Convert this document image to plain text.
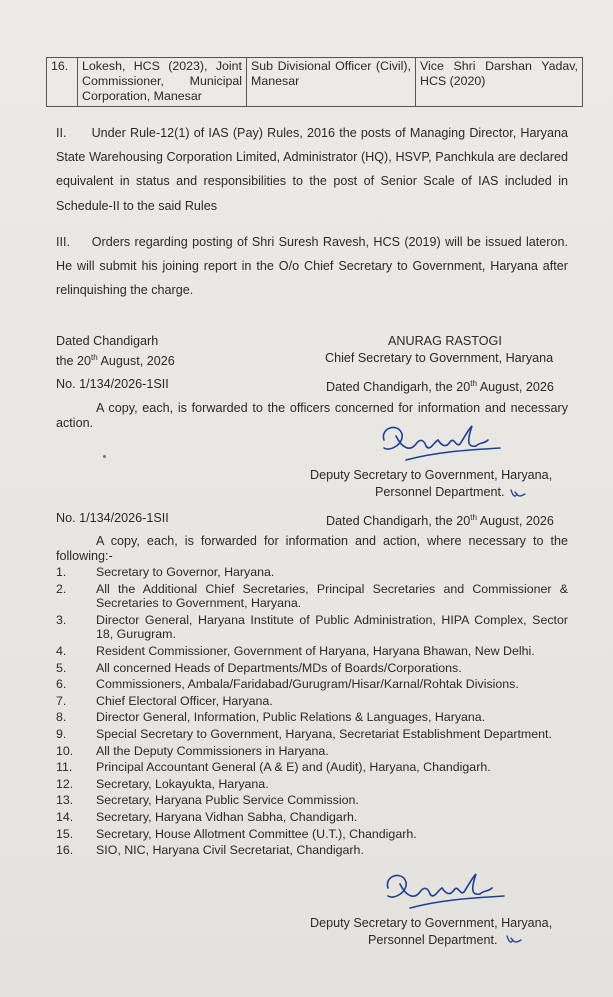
16.	Lokesh, HCS (2023), Joint Commissioner, Municipal Corporation, Manesar	Sub Divisional Officer (Civil), Manesar	Vice Shri Darshan Yadav, HCS (2020)
II. Under Rule-12(1) of IAS (Pay) Rules, 2016 the posts of Managing Director, Haryana State Warehousing Corporation Limited, Administrator (HQ), HSVP, Panchkula are declared equivalent in status and responsibilities to the post of Senior Scale of IAS included in Schedule-II to the said Rules
III. Orders regarding posting of Shri Suresh Ravesh, HCS (2019) will be issued lateron. He will submit his joining report in the O/o Chief Secretary to Government, Haryana after relinquishing the charge.
Dated Chandigarh
the 20th August, 2026
ANURAG RASTOGI
Chief Secretary to Government, Haryana
No. 1/134/2026-1SII	Dated Chandigarh, the 20th August, 2026
A copy, each, is forwarded to the officers concerned for information and necessary action.
Deputy Secretary to Government, Haryana,
Personnel Department.
No. 1/134/2026-1SII	Dated Chandigarh, the 20th August, 2026
A copy, each, is forwarded for information and action, where necessary to the following:-
1.	Secretary to Governor, Haryana.
2.	All the Additional Chief Secretaries, Principal Secretaries and Commissioner & Secretaries to Government, Haryana.
3.	Director General, Haryana Institute of Public Administration, HIPA Complex, Sector 18, Gurugram.
4.	Resident Commissioner, Government of Haryana, Haryana Bhawan, New Delhi.
5.	All concerned Heads of Departments/MDs of Boards/Corporations.
6.	Commissioners, Ambala/Faridabad/Gurugram/Hisar/Karnal/Rohtak Divisions.
7.	Chief Electoral Officer, Haryana.
8.	Director General, Information, Public Relations & Languages, Haryana.
9.	Special Secretary to Government, Haryana, Secretariat Establishment Department.
10.	All the Deputy Commissioners in Haryana.
11.	Principal Accountant General (A & E) and (Audit), Haryana, Chandigarh.
12.	Secretary, Lokayukta, Haryana.
13.	Secretary, Haryana Public Service Commission.
14.	Secretary, Haryana Vidhan Sabha, Chandigarh.
15.	Secretary, House Allotment Committee (U.T.), Chandigarh.
16.	SIO, NIC, Haryana Civil Secretariat, Chandigarh.
Deputy Secretary to Government, Haryana,
Personnel Department.
